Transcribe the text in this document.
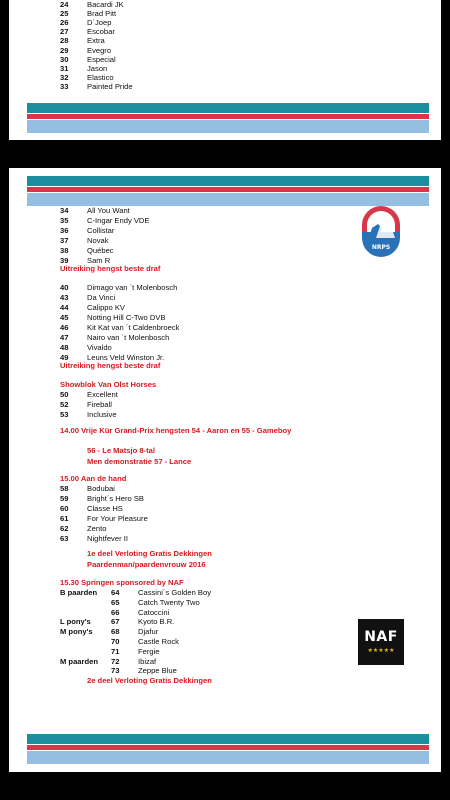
24 Bacardi JK
25 Brad Pitt
26 D´Joep
27 Escobar
28 Extra
29 Evegro
30 Especial
31 Jason
32 Elastico
33 Painted Pride
NRPS
34 All You Want
35 C-Ingar Endy VDE
36 Collistar
37 Novak
38 Québec
39 Sam R
Uitreiking hengst beste draf
40 Dimago van ´t Molenbosch
43 Da Vinci
44 Calippo KV
45 Notting Hill C-Two DVB
46 Kit Kat van ´t Caldenbroeck
47 Nairo van ´t Molenbosch
48 Vivaldo
49 Leuns Veld Winston Jr.
Uitreiking hengst beste draf
Showblok Van Olst Horses
50 Excellent
52 Fireball
53 Inclusive
14.00 Vrije Kür Grand-Prix hengsten 54 - Aaron en 55 - Gameboy
56 - Le Matsjo 8-tal
Men demonstratie 57 - Lance
15.00 Aan de hand
58 Bodubai
59 Bright´s Hero SB
60 Classe HS
61 For Your Pleasure
62 Zento
63 Nightfever II
1e deel Verloting Gratis Dekkingen
Paardenman/paardenvrouw 2016
15.30 Springen sponsored by NAF
B paarden 64 Cassini´s Golden Boy
65 Catch Twenty Two
66 Catoccini
L pony's	67 Kyoto B.R.
M pony's 68 Djafur
70 Castle Rock
71 Fergie
M paarden 72 Ibizaf
73 Zeppe Blue
2e deel Verloting Gratis Dekkingen
NAF
★★★★★
